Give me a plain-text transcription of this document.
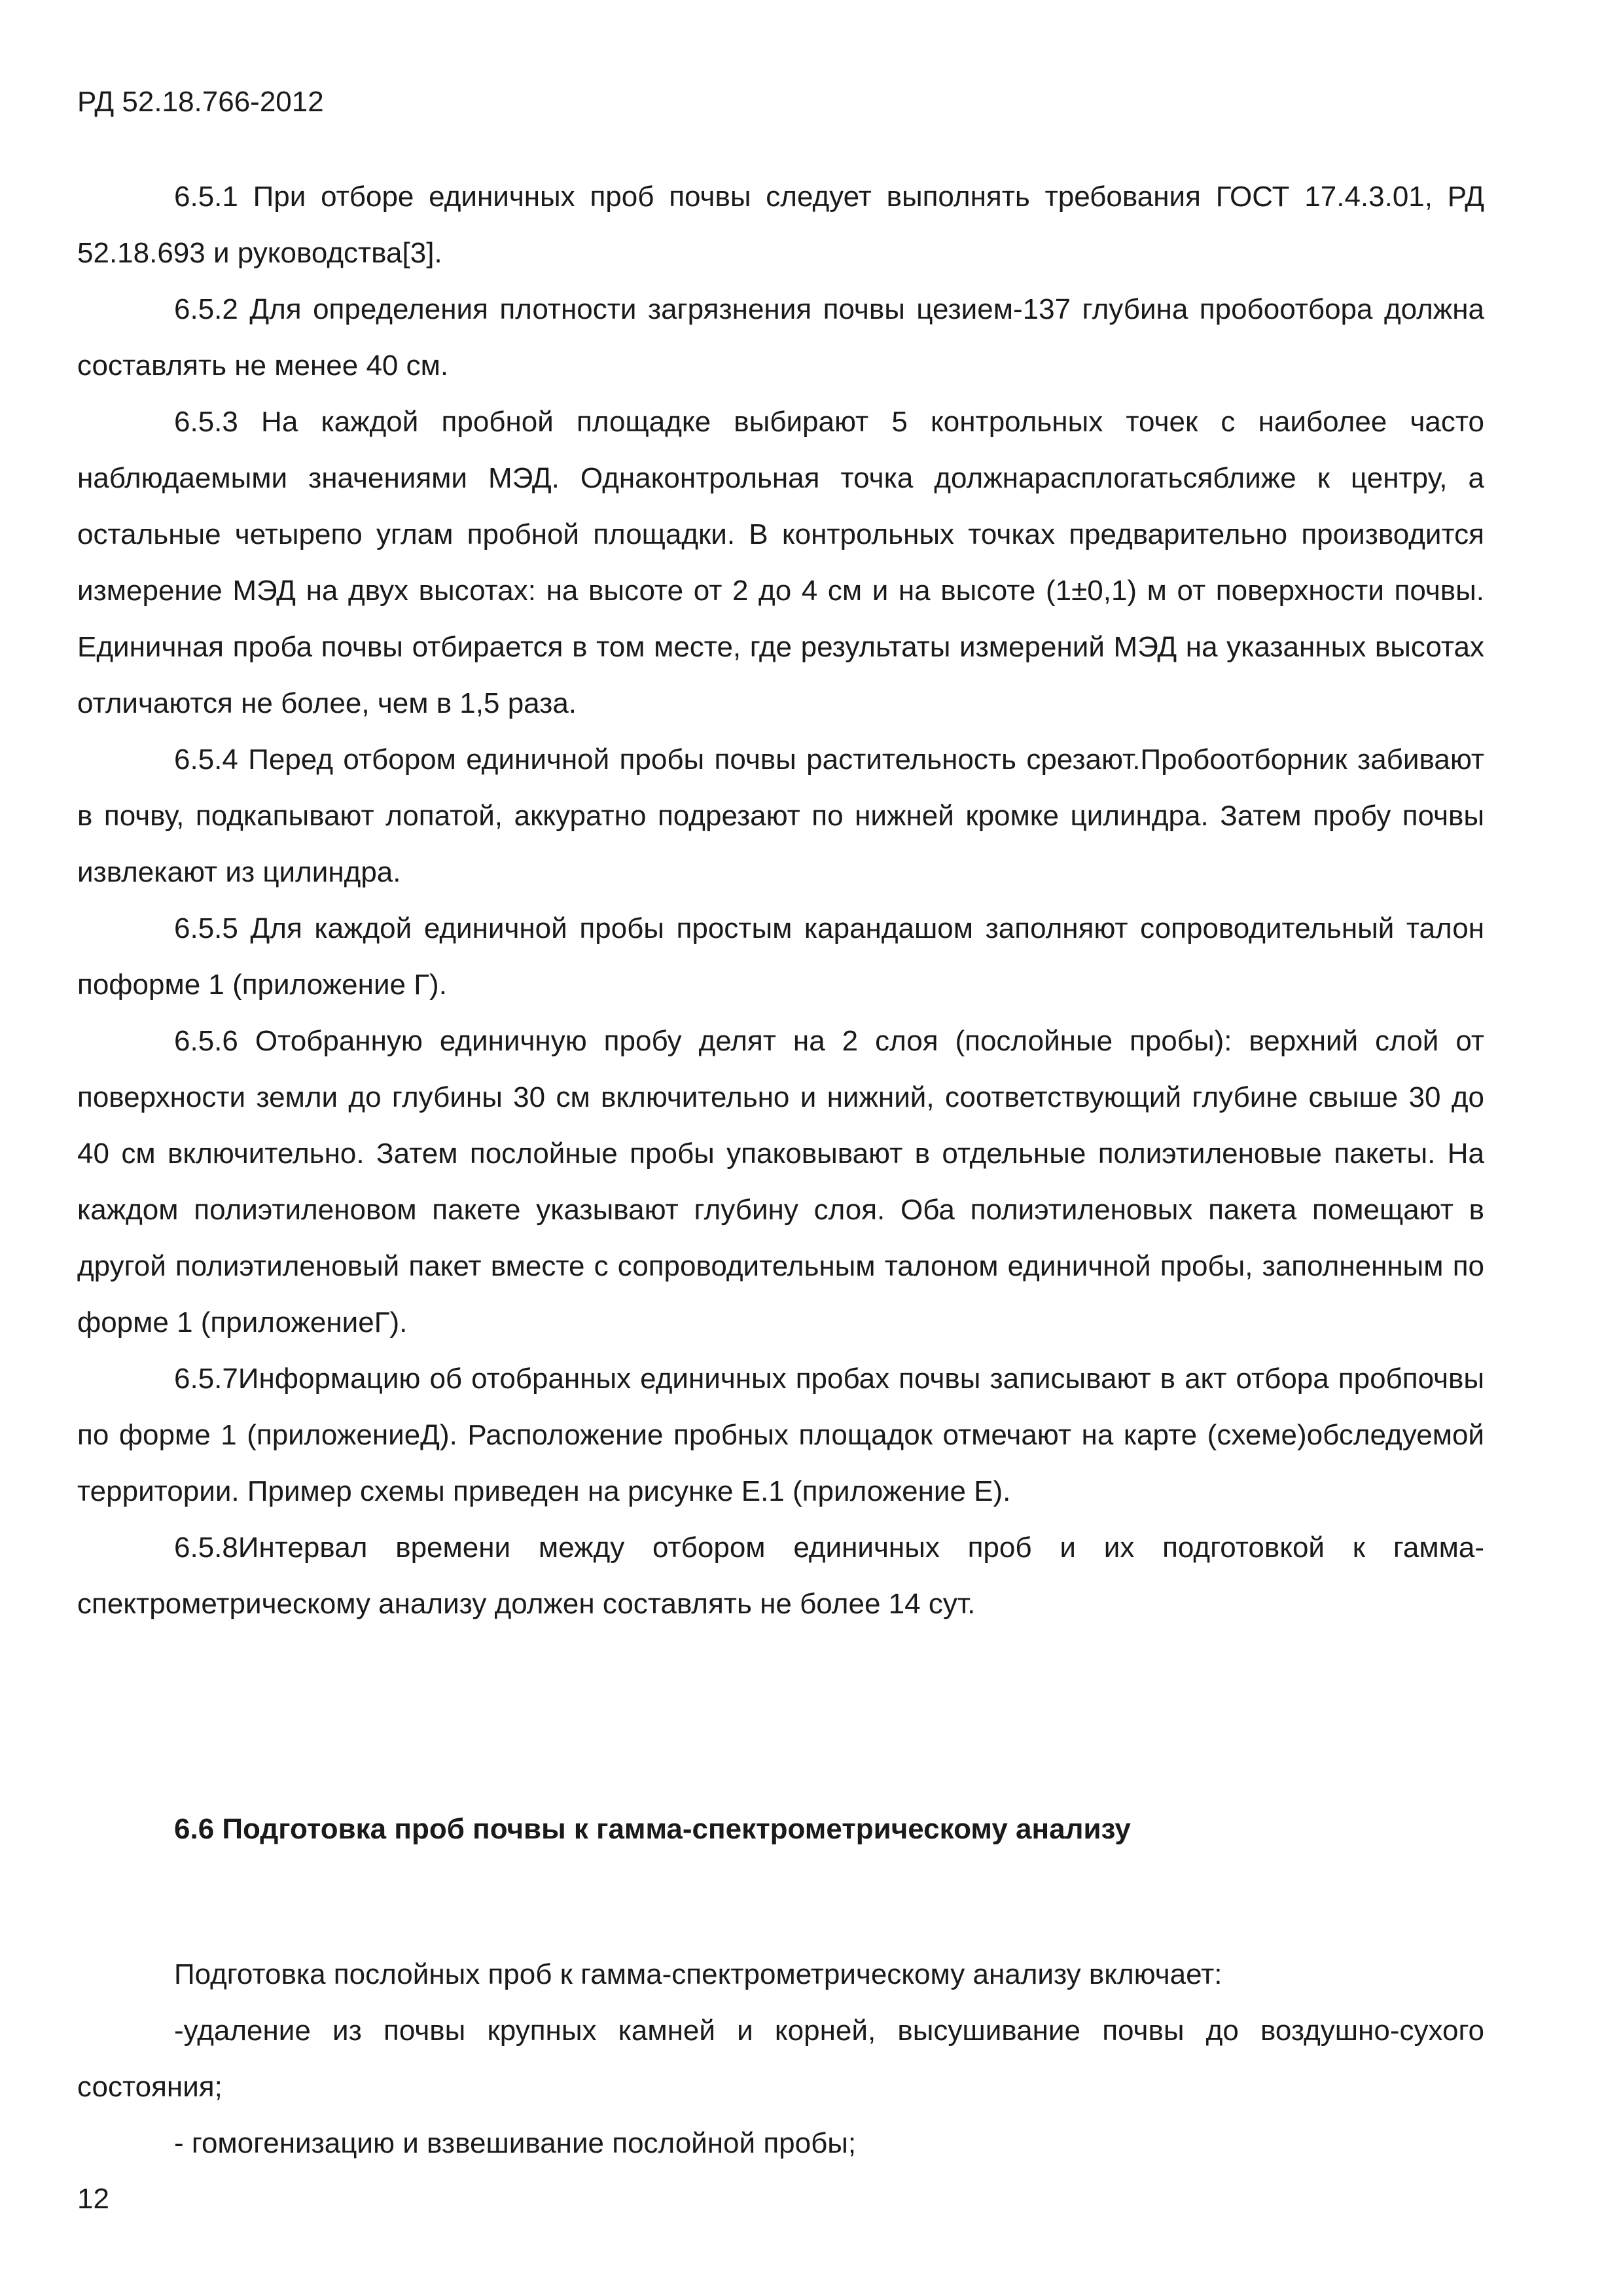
РД 52.18.766-2012

6.5.1 При отборе единичных проб почвы следует выполнять требования ГОСТ 17.4.3.01, РД 52.18.693 и руководства[3].

6.5.2 Для определения плотности загрязнения почвы цезием-137 глубина пробоотбора должна составлять не менее 40 см.

6.5.3 На каждой пробной площадке выбирают 5 контрольных точек с наиболее часто наблюдаемыми значениями МЭД. Однаконтрольная точка должнарасплогатьсяближе к центру, а остальные четырепо углам пробной площадки. В контрольных точках предварительно производится измерение МЭД на двух высотах: на высоте от 2 до 4 см и на высоте (1±0,1) м от поверхности почвы. Единичная проба почвы отбирается в том месте, где результаты измерений МЭД на указанных высотах отличаются не более, чем в 1,5 раза.

6.5.4 Перед отбором единичной пробы почвы растительность срезают.Пробоотборник забивают в почву, подкапывают лопатой, аккуратно подрезают по нижней кромке цилиндра. Затем пробу почвы извлекают из цилиндра.

6.5.5 Для каждой единичной пробы простым карандашом заполняют сопроводительный талон поформе 1 (приложение Г).

6.5.6 Отобранную единичную пробу делят на 2 слоя (послойные пробы): верхний слой от поверхности земли до глубины 30 см включительно и нижний, соответствующий глубине свыше 30 до 40 см включительно. Затем послойные пробы упаковывают в отдельные полиэтиленовые пакеты. На каждом полиэтиленовом пакете указывают глубину слоя. Оба полиэтиленовых пакета помещают в другой полиэтиленовый пакет вместе с сопроводительным талоном единичной пробы, заполненным по форме 1 (приложениеГ).

6.5.7Информацию об отобранных единичных пробах почвы записывают в акт отбора пробпочвы по форме 1 (приложениеД). Расположение пробных площадок отмечают на карте (схеме)обследуемой территории. Пример схемы приведен на рисунке Е.1 (приложение Е).

6.5.8Интервал времени между отбором единичных проб и их подготовкой к гамма-спектрометрическому анализу должен составлять не более 14 сут.

6.6 Подготовка проб почвы к гамма-спектрометрическому анализу

Подготовка послойных проб к гамма-спектрометрическому анализу включает:

-удаление из почвы крупных камней и корней, высушивание почвы до воздушно-сухого состояния;

- гомогенизацию и взвешивание послойной пробы;

12
